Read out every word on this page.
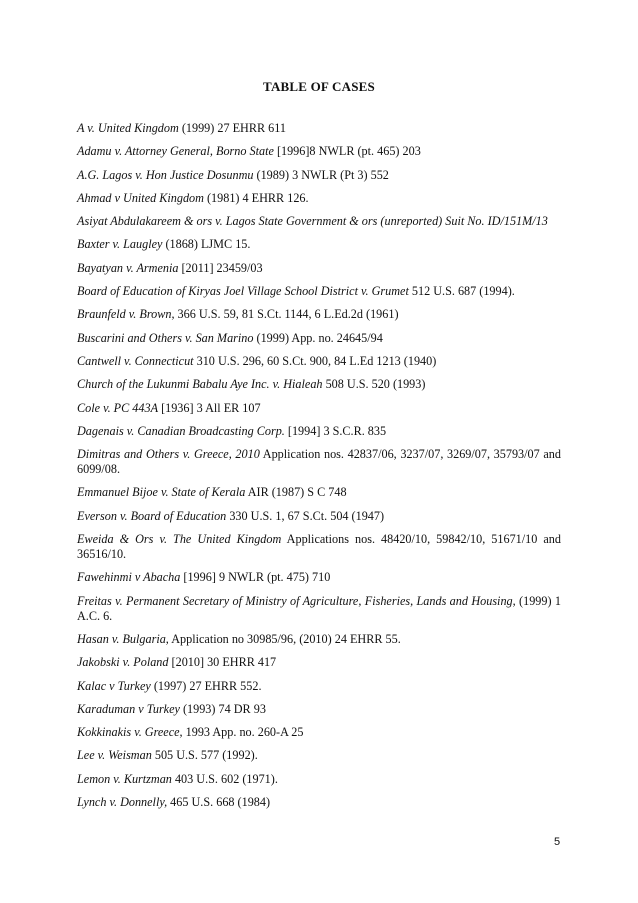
TABLE OF CASES

A v. United Kingdom (1999) 27 EHRR 611

Adamu v. Attorney General, Borno State [1996]8 NWLR (pt. 465) 203

A.G. Lagos v. Hon Justice Dosunmu (1989) 3 NWLR (Pt 3) 552

Ahmad v United Kingdom (1981) 4 EHRR 126.

Asiyat Abdulakareem & ors v. Lagos State Government & ors (unreported) Suit No. ID/151M/13

Baxter v. Laugley (1868) LJMC 15.

Bayatyan v. Armenia [2011] 23459/03

Board of Education of Kiryas Joel Village School District v. Grumet 512 U.S. 687 (1994).

Braunfeld v. Brown, 366 U.S. 59, 81 S.Ct. 1144, 6 L.Ed.2d (1961)

Buscarini and Others v. San Marino (1999) App. no. 24645/94

Cantwell v. Connecticut 310 U.S. 296, 60 S.Ct. 900, 84 L.Ed 1213 (1940)

Church of the Lukunmi Babalu Aye Inc. v. Hialeah 508 U.S. 520 (1993)

Cole v. PC 443A [1936] 3 All ER 107

Dagenais v. Canadian Broadcasting Corp. [1994] 3 S.C.R. 835

Dimitras and Others v. Greece, 2010 Application nos. 42837/06, 3237/07, 3269/07, 35793/07 and 6099/08.

Emmanuel Bijoe v. State of Kerala AIR (1987) S C 748

Everson v. Board of Education 330 U.S. 1, 67 S.Ct. 504 (1947)

Eweida & Ors v. The United Kingdom Applications nos. 48420/10, 59842/10, 51671/10 and 36516/10.

Fawehinmi v Abacha [1996] 9 NWLR (pt. 475) 710

Freitas v. Permanent Secretary of Ministry of Agriculture, Fisheries, Lands and Housing, (1999) 1 A.C. 6.

Hasan v. Bulgaria, Application no 30985/96, (2010) 24 EHRR 55.

Jakobski v. Poland [2010] 30 EHRR 417

Kalac v Turkey (1997) 27 EHRR 552.

Karaduman v Turkey (1993) 74 DR 93

Kokkinakis v. Greece, 1993 App. no. 260-A 25

Lee v. Weisman 505 U.S. 577 (1992).

Lemon v. Kurtzman 403 U.S. 602 (1971).

Lynch v. Donnelly, 465 U.S. 668 (1984)

5
